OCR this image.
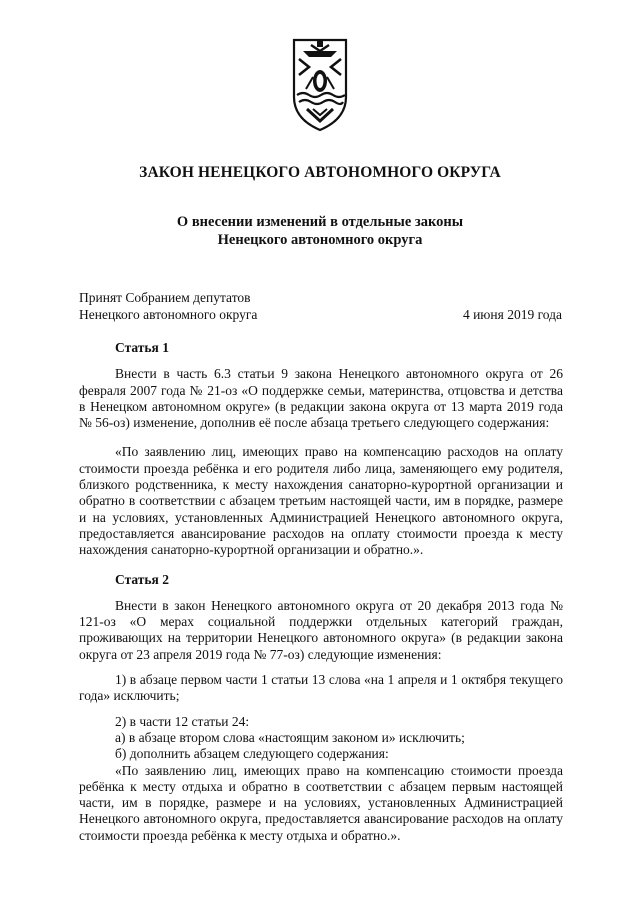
ЗАКОН НЕНЕЦКОГО АВТОНОМНОГО ОКРУГА
О внесении изменений в отдельные законы
Ненецкого автономного округа
Принят Собранием депутатов
Ненецкого автономного округа	4 июня 2019 года
Статья 1

Внести в часть 6.3 статьи 9 закона Ненецкого автономного округа от 26 февраля 2007 года № 21-оз «О поддержке семьи, материнства, отцовства и детства в Ненецком автономном округе» (в редакции закона округа от 13 марта 2019 года № 56-оз) изменение, дополнив её после абзаца третьего следующего содержания:

«По заявлению лиц, имеющих право на компенсацию расходов на оплату стоимости проезда ребёнка и его родителя либо лица, заменяющего ему родителя, близкого родственника, к месту нахождения санаторно-курортной организации и обратно в соответствии с абзацем третьим настоящей части, им в порядке, размере и на условиях, установленных Администрацией Ненецкого автономного округа, предоставляется авансирование расходов на оплату стоимости проезда к месту нахождения санаторно-курортной организации и обратно.».

Статья 2

Внести в закон Ненецкого автономного округа от 20 декабря 2013 года № 121-оз «О мерах социальной поддержки отдельных категорий граждан, проживающих на территории Ненецкого автономного округа» (в редакции закона округа от 23 апреля 2019 года № 77-оз) следующие изменения:

1) в абзаце первом части 1 статьи 13 слова «на 1 апреля и 1 октября текущего года» исключить;

2) в части 12 статьи 24:

а) в абзаце втором слова «настоящим законом и» исключить;

б) дополнить абзацем следующего содержания:

«По заявлению лиц, имеющих право на компенсацию стоимости проезда ребёнка к месту отдыха и обратно в соответствии с абзацем первым настоящей части, им в порядке, размере и на условиях, установленных Администрацией Ненецкого автономного округа, предоставляется авансирование расходов на оплату стоимости проезда ребёнка к месту отдыха и обратно.».
